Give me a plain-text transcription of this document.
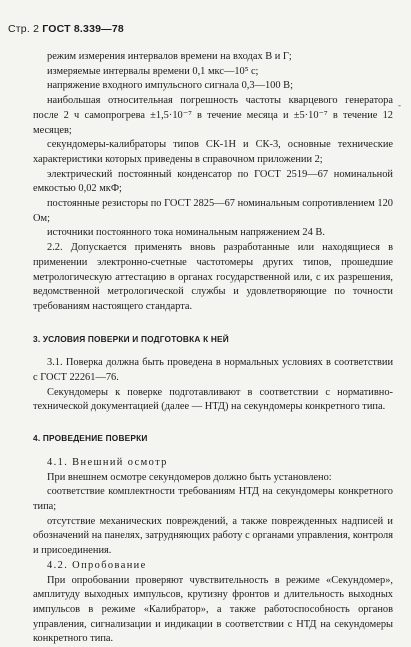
Стр. 2 ГОСТ 8.339—78
-

режим измерения интервалов времени на входах В и Г;

измеряемые интервалы времени 0,1 мкс—10⁵ с;

напряжение входного импульсного сигнала 0,3—100 В;

наибольшая относительная погрешность частоты кварцевого генератора после 2 ч самопрогрева ±1,5·10⁻⁷ в течение месяца и ±5·10⁻⁷ в течение 12 месяцев;

секундомеры-калибраторы типов СК-1Н и СК-3, основные технические характеристики которых приведены в справочном приложении 2;

электрический постоянный конденсатор по ГОСТ 2519—67 номинальной емкостью 0,02 мкФ;

постоянные резисторы по ГОСТ 2825—67 номинальным сопротивлением 120 Ом;

источники постоянного тока номинальным напряжением 24 В.

2.2. Допускается применять вновь разработанные или находящиеся в применении электронно-счетные частотомеры других типов, прошедшие метрологическую аттестацию в органах государственной или, с их разрешения, ведомственной метрологической службы и удовлетворяющие по точности требованиям настоящего стандарта.

3. УСЛОВИЯ ПОВЕРКИ И ПОДГОТОВКА К НЕЙ

3.1. Поверка должна быть проведена в нормальных условиях в соответствии с ГОСТ 22261—76.

Секундомеры к поверке подготавливают в соответствии с нормативно-технической документацией (далее — НТД) на секундомеры конкретного типа.

4. ПРОВЕДЕНИЕ ПОВЕРКИ

4.1. Внешний осмотр

При внешнем осмотре секундомеров должно быть установлено:

соответствие комплектности требованиям НТД на секундомеры конкретного типа;

отсутствие механических повреждений, а также поврежденных надписей и обозначений на панелях, затрудняющих работу с органами управления, контроля и присоединения.

4.2. Опробование

При опробовании проверяют чувствительность в режиме «Секундомер», амплитуду выходных импульсов, крутизну фронтов и длительность выходных импульсов в режиме «Калибратор», а также работоспособность органов управления, сигнализации и индикации в соответствии с НТД на секундомеры конкретного типа.
